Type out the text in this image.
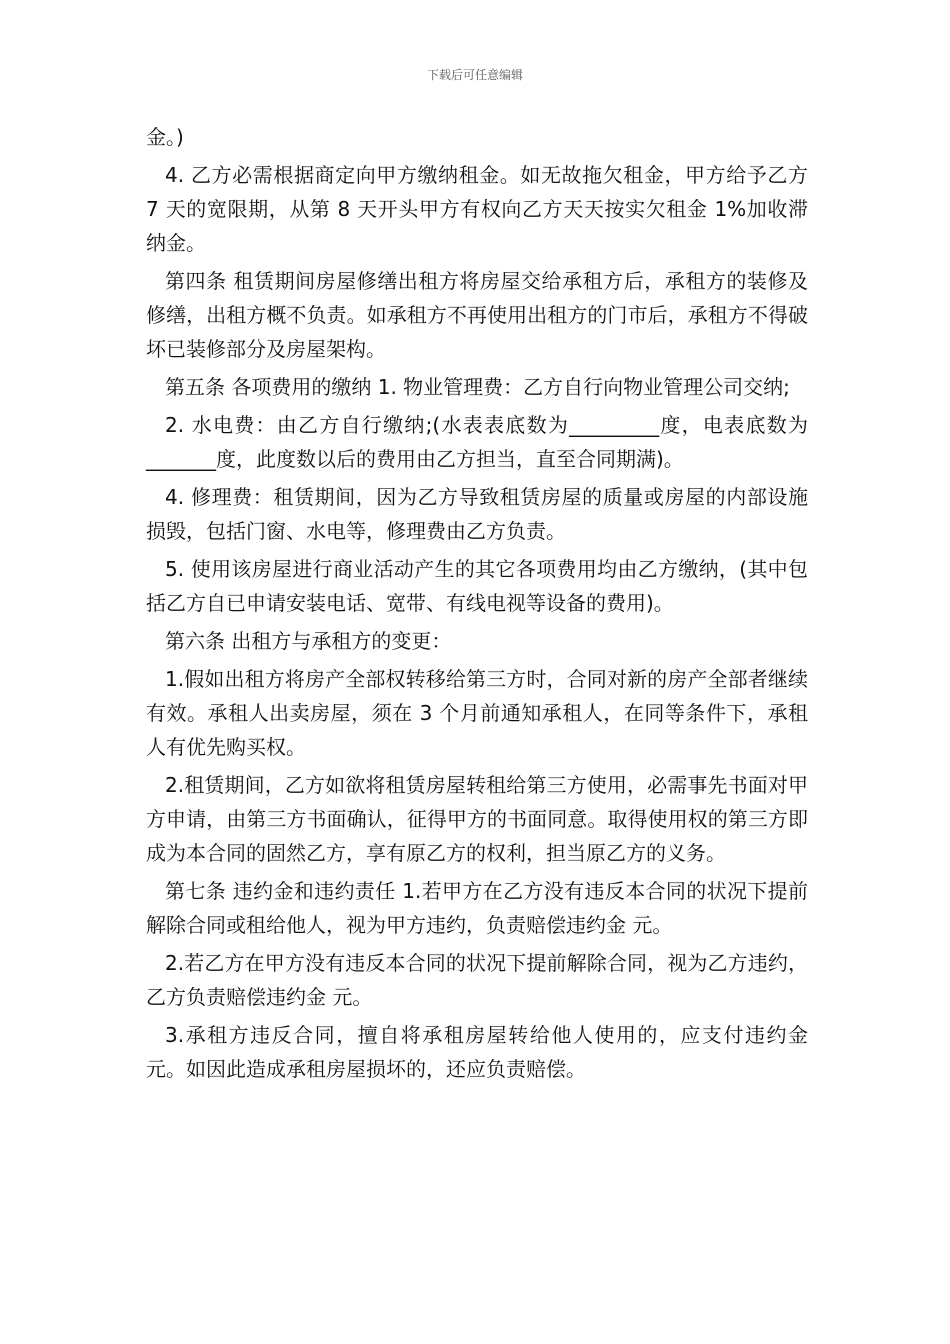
下载后可任意编辑

金。)

4. 乙方必需根据商定向甲方缴纳租金。如无故拖欠租金，甲方给予乙方 7 天的宽限期，从第 8 天开头甲方有权向乙方天天按实欠租金 1%加收滞纳金。

第四条 租赁期间房屋修缮出租方将房屋交给承租方后，承租方的装修及修缮，出租方概不负责。如承租方不再使用出租方的门市后，承租方不得破坏已装修部分及房屋架构。

第五条 各项费用的缴纳 1. 物业管理费：乙方自行向物业管理公司交纳;

2. 水电费：由乙方自行缴纳;(水表表底数为_________度，电表底数为_______度，此度数以后的费用由乙方担当，直至合同期满)。

4. 修理费：租赁期间，因为乙方导致租赁房屋的质量或房屋的内部设施损毁，包括门窗、水电等，修理费由乙方负责。

5. 使用该房屋进行商业活动产生的其它各项费用均由乙方缴纳，(其中包括乙方自已申请安装电话、宽带、有线电视等设备的费用)。

第六条 出租方与承租方的变更：

1.假如出租方将房产全部权转移给第三方时，合同对新的房产全部者继续有效。承租人出卖房屋，须在 3 个月前通知承租人，在同等条件下，承租人有优先购买权。

2.租赁期间，乙方如欲将租赁房屋转租给第三方使用，必需事先书面对甲方申请，由第三方书面确认，征得甲方的书面同意。取得使用权的第三方即成为本合同的固然乙方，享有原乙方的权利，担当原乙方的义务。

第七条 违约金和违约责任 1.若甲方在乙方没有违反本合同的状况下提前解除合同或租给他人，视为甲方违约，负责赔偿违约金 元。

2.若乙方在甲方没有违反本合同的状况下提前解除合同，视为乙方违约，乙方负责赔偿违约金 元。

3.承租方违反合同，擅自将承租房屋转给他人使用的，应支付违约金 元。如因此造成承租房屋损坏的，还应负责赔偿。
